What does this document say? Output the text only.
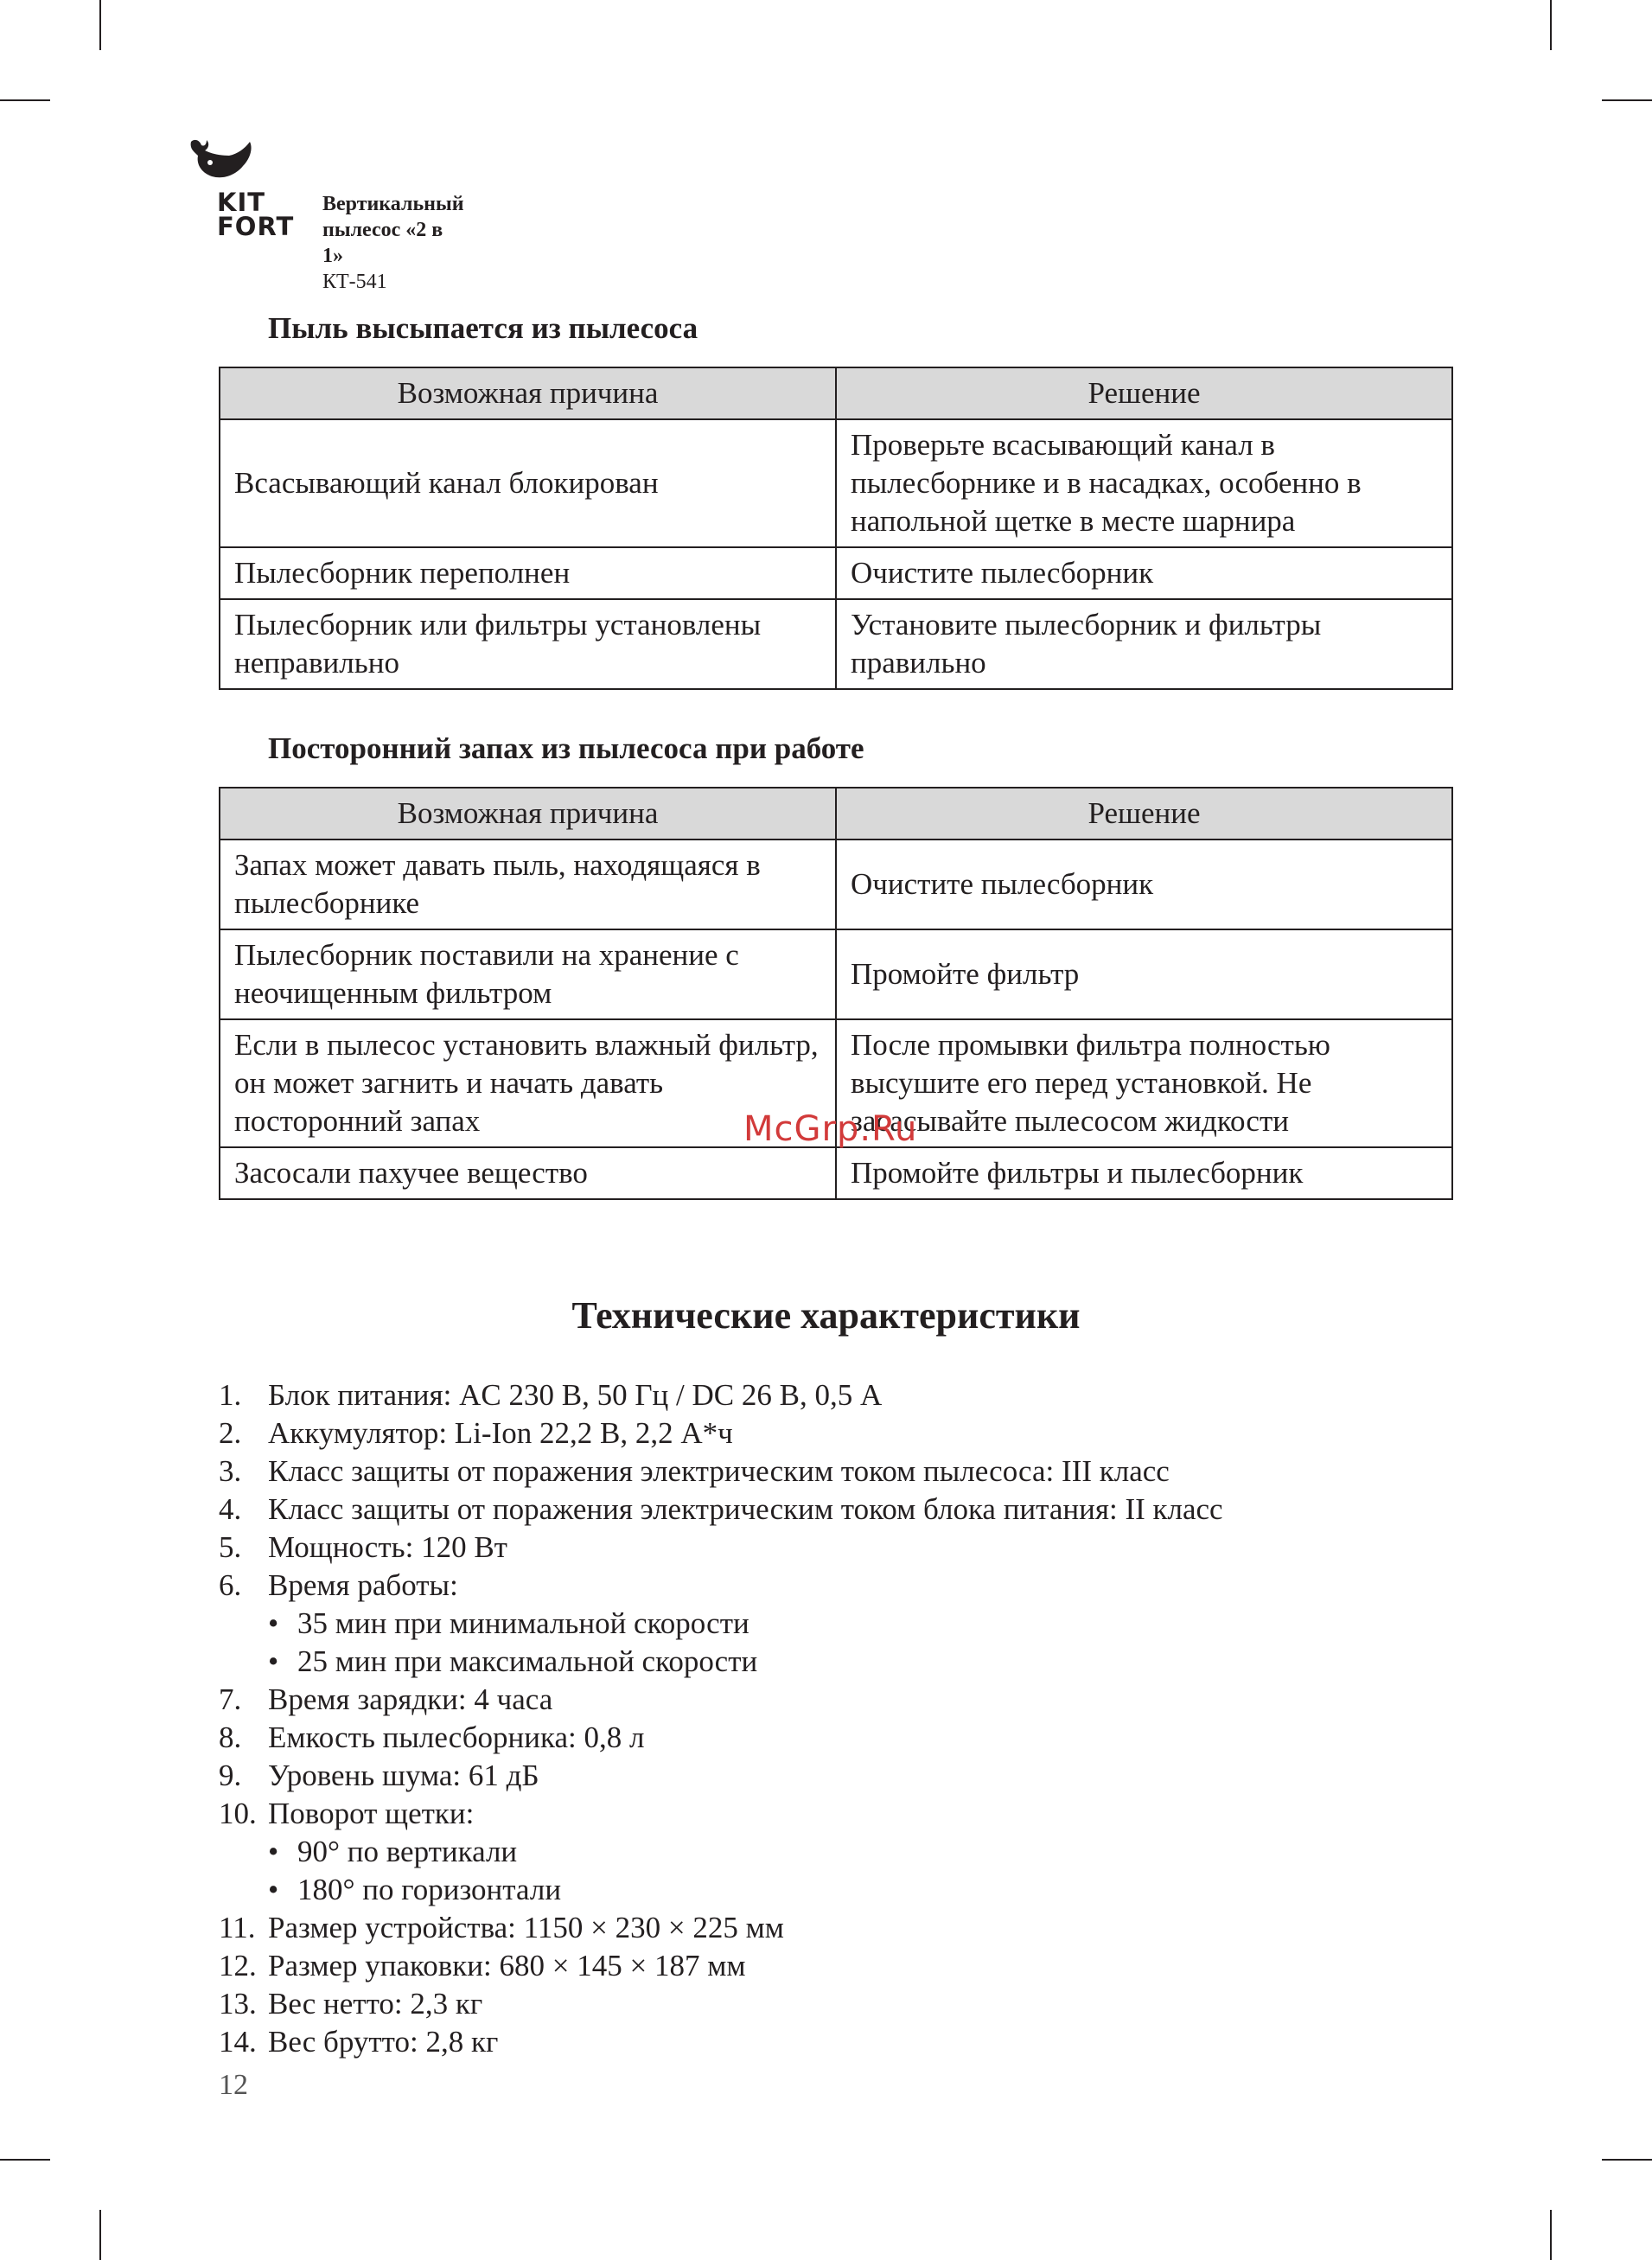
KIT
FORT
Вертикальный
пылесос «2 в 1»
КТ-541
Пыль высыпается из пылесоса
Возможная причина	Решение
Всасывающий канал блокирован	Проверьте всасывающий канал в пылесборнике и в насадках, особенно в напольной щетке в месте шарнира
Пылесборник переполнен	Очистите пылесборник
Пылесборник или фильтры установлены неправильно	Установите пылесборник и фильтры правильно
Посторонний запах из пылесоса при работе
Возможная причина	Решение
Запах может давать пыль, находящаяся в пылесборнике	Очистите пылесборник
Пылесборник поставили на хранение с неочищенным фильтром	Промойте фильтр
Если в пылесос установить влажный фильтр, он может загнить и начать давать посторонний запах	После промывки фильтра полностью высушите его перед установкой. Не засасывайте пылесосом жидкости
Засосали пахучее вещество	Промойте фильтры и пылесборник
Технические характеристики
1. Блок питания: AC 230 В, 50 Гц / DC 26 В, 0,5 А
2. Аккумулятор: Li-Ion 22,2 В, 2,2 А*ч
3. Класс защиты от поражения электрическим током пылесоса: III класс
4. Класс защиты от поражения электрическим током блока питания: II класс
5. Мощность: 120 Вт
6. Время работы:
• 35 мин при минимальной скорости
• 25 мин при максимальной скорости
7. Время зарядки: 4 часа
8. Емкость пылесборника: 0,8 л
9. Уровень шума: 61 дБ
10. Поворот щетки:
• 90° по вертикали
• 180° по горизонтали
11. Размер устройства: 1150 × 230 × 225 мм
12. Размер упаковки: 680 × 145 × 187 мм
13. Вес нетто: 2,3 кг
14. Вес брутто: 2,8 кг
McGrp.Ru
12
